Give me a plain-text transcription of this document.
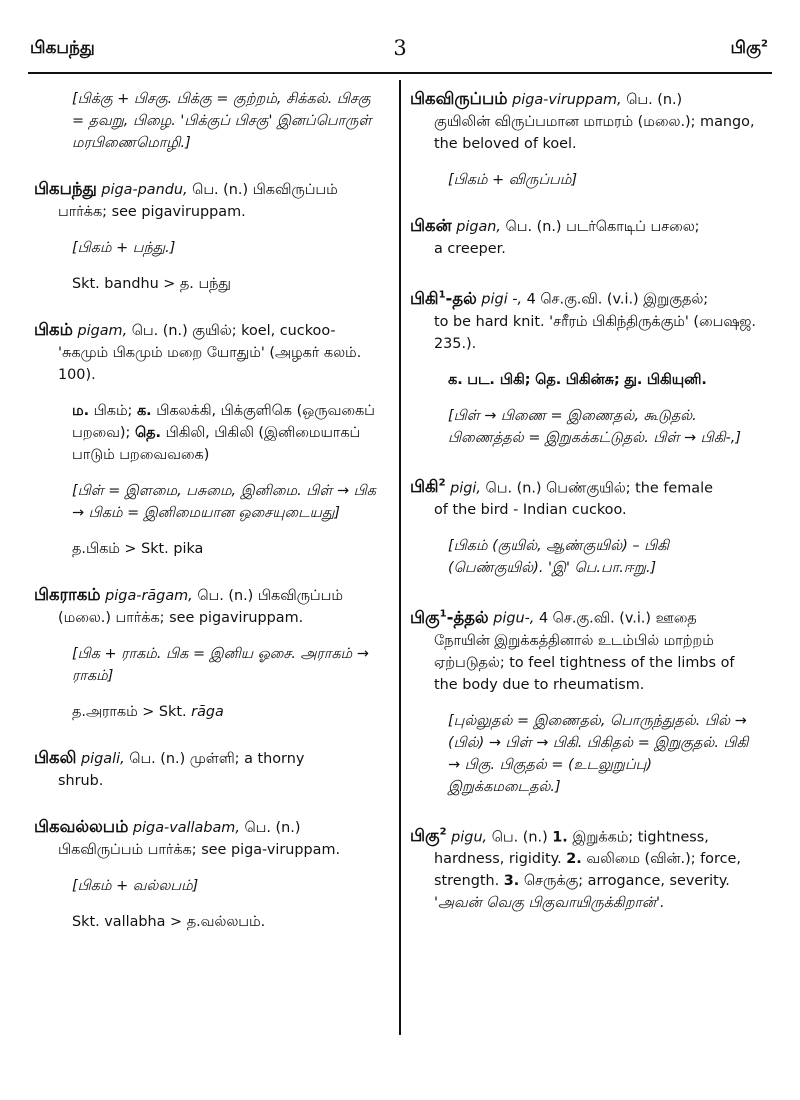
பிகபந்து	3	பிகு$^2$
[பிக்கு + பிசகு. பிக்கு = குற்றம், சிக்கல். பிசகு = தவறு, பிழை. 'பிக்குப் பிசகு' இனப்பொருள் மரபிணைமொழி.]
பிகபந்து piga-pandu, பெ. (n.) பிகவிருப்பம்
பார்க்க; see pigaviruppam.
[பிகம் + பந்து.]
Skt. bandhu > த. பந்து
பிகம் pigam, பெ. (n.) குயில்; koel, cuckoo-
'சுகமும் பிகமும் மறை யோதும்' (அழகர் கலம். 100).
ம. பிகம்; க. பிகலக்கி, பிக்குளிகெ (ஒருவகைப் பறவை); தெ. பிகிலி, பிகிலி (இனிமையாகப் பாடும் பறவைவகை)
[பிள் = இளமை, பசுமை, இனிமை. பிள் → பிக → பிகம் = இனிமையான ஒசையுடையது]
த.பிகம் > Skt. pika
பிகராகம் piga-rāgam, பெ. (n.) பிகவிருப்பம்
(மலை.) பார்க்க; see pigaviruppam.
[பிக + ராகம். பிக = இனிய ஓசை. அராகம் → ராகம்]
த.அராகம் > Skt. rāga
பிகலி pigali, பெ. (n.) முள்ளி; a thorny
shrub.
பிகவல்லபம் piga-vallabam, பெ. (n.)
பிகவிருப்பம் பார்க்க; see piga-viruppam.
[பிகம் + வல்லபம்]
Skt. vallabha > த.வல்லபம்.
பிகவிருப்பம் piga-viruppam, பெ. (n.)
குயிலின் விருப்பமான மாமரம் (மலை.); mango, the beloved of koel.
[பிகம் + விருப்பம்]
பிகன் pigan, பெ. (n.) படர்கொடிப் பசலை;
a creeper.
பிகி$^1$-தல் pigi -, 4 செ.கு.வி. (v.i.) இறுகுதல்;
to be hard knit. 'சரீரம் பிகிந்திருக்கும்' (பைஷஜ. 235.).
க. பட. பிகி; தெ. பிகின்சு; து. பிகியுனி.
[பிள் → பிணை = இணைதல், கூடுதல். பிணைத்தல் = இறுகக்கட்டுதல். பிள் → பிகி-,]
பிகி$^2$ pigi, பெ. (n.) பெண்குயில்; the female
of the bird - Indian cuckoo.
[பிகம் (குயில், ஆண்குயில்) – பிகி (பெண்குயில்). 'இ' பெ.பா.ஈறு.]
பிகு$^1$-த்தல் pigu-, 4 செ.கு.வி. (v.i.) ஊதை
நோயின் இறுக்கத்தினால் உடம்பில் மாற்றம் ஏற்படுதல்; to feel tightness of the limbs of the body due to rheumatism.
[புல்லுதல் = இணைதல், பொருந்துதல். பில் → (பில்) → பிள் → பிகி. பிகிதல் = இறுகுதல். பிகி → பிகு. பிகுதல் = (உடலுறுப்பு) இறுக்கமடைதல்.]
பிகு$^2$ pigu, பெ. (n.) 1. இறுக்கம்; tightness,
hardness, rigidity. 2. வலிமை (வின்.); force,
strength. 3. செருக்கு; arrogance, severity.
'அவன் வெகு பிகுவாயிருக்கிறான்'.
